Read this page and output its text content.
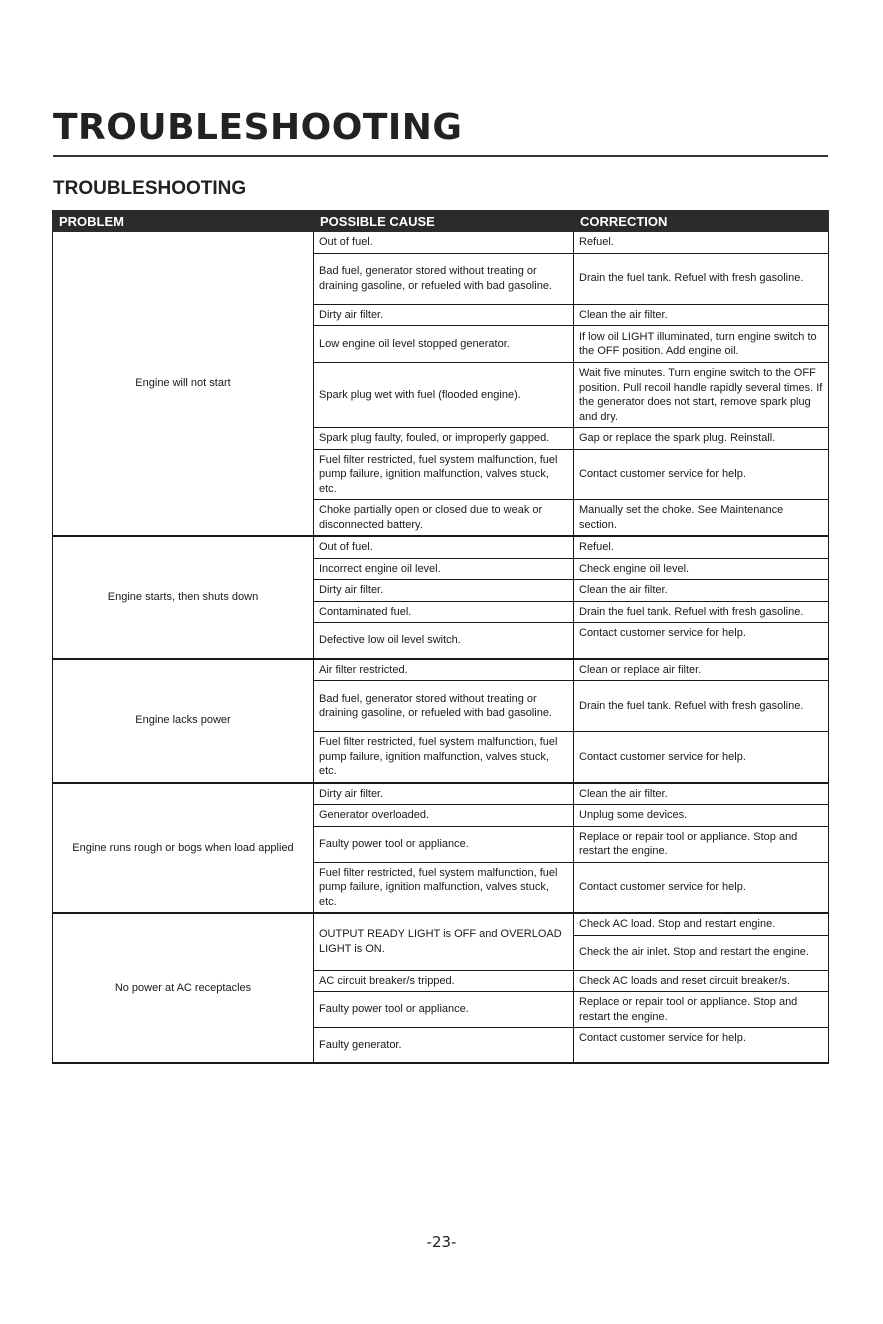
TROUBLESHOOTING
TROUBLESHOOTING
PROBLEM	POSSIBLE CAUSE	CORRECTION
Engine will not start	Out of fuel.	Refuel.
	Bad fuel, generator stored without treating or draining gasoline, or refueled with bad gasoline.	Drain the fuel tank. Refuel with fresh gasoline.
	Dirty air filter.	Clean the air filter.
	Low engine oil level stopped generator.	If low oil LIGHT illuminated, turn engine switch to the OFF position. Add engine oil.
	Spark plug wet with fuel (flooded engine).	Wait five minutes. Turn engine switch to the OFF position. Pull recoil handle rapidly several times. If the generator does not start, remove spark plug and dry.
	Spark plug faulty, fouled, or improperly gapped.	Gap or replace the spark plug. Reinstall.
	Fuel filter restricted, fuel system malfunction, fuel pump failure, ignition malfunction, valves stuck, etc.	Contact customer service for help.
	Choke partially open or closed due to weak or disconnected battery.	Manually set the choke. See Maintenance section.
Engine starts, then shuts down	Out of fuel.	Refuel.
	Incorrect engine oil level.	Check engine oil level.
	Dirty air filter.	Clean the air filter.
	Contaminated fuel.	Drain the fuel tank. Refuel with fresh gasoline.
	Defective low oil level switch.	Contact customer service for help.
Engine lacks power	Air filter restricted.	Clean or replace air filter.
	Bad fuel, generator stored without treating or draining gasoline, or refueled with bad gasoline.	Drain the fuel tank. Refuel with fresh gasoline.
	Fuel filter restricted, fuel system malfunction, fuel pump failure, ignition malfunction, valves stuck, etc.	Contact customer service for help.
Engine runs rough or bogs when load applied	Dirty air filter.	Clean the air filter.
	Generator overloaded.	Unplug some devices.
	Faulty power tool or appliance.	Replace or repair tool or appliance. Stop and restart the engine.
	Fuel filter restricted, fuel system malfunction, fuel pump failure, ignition malfunction, valves stuck, etc.	Contact customer service for help.
No power at AC receptacles	OUTPUT READY LIGHT is OFF and OVERLOAD LIGHT is ON.	Check AC load. Stop and restart engine.
		Check the air inlet. Stop and restart the engine.
	AC circuit breaker/s tripped.	Check AC loads and reset circuit breaker/s.
	Faulty power tool or appliance.	Replace or repair tool or appliance. Stop and restart the engine.
	Faulty generator.	Contact customer service for help.
-23-
